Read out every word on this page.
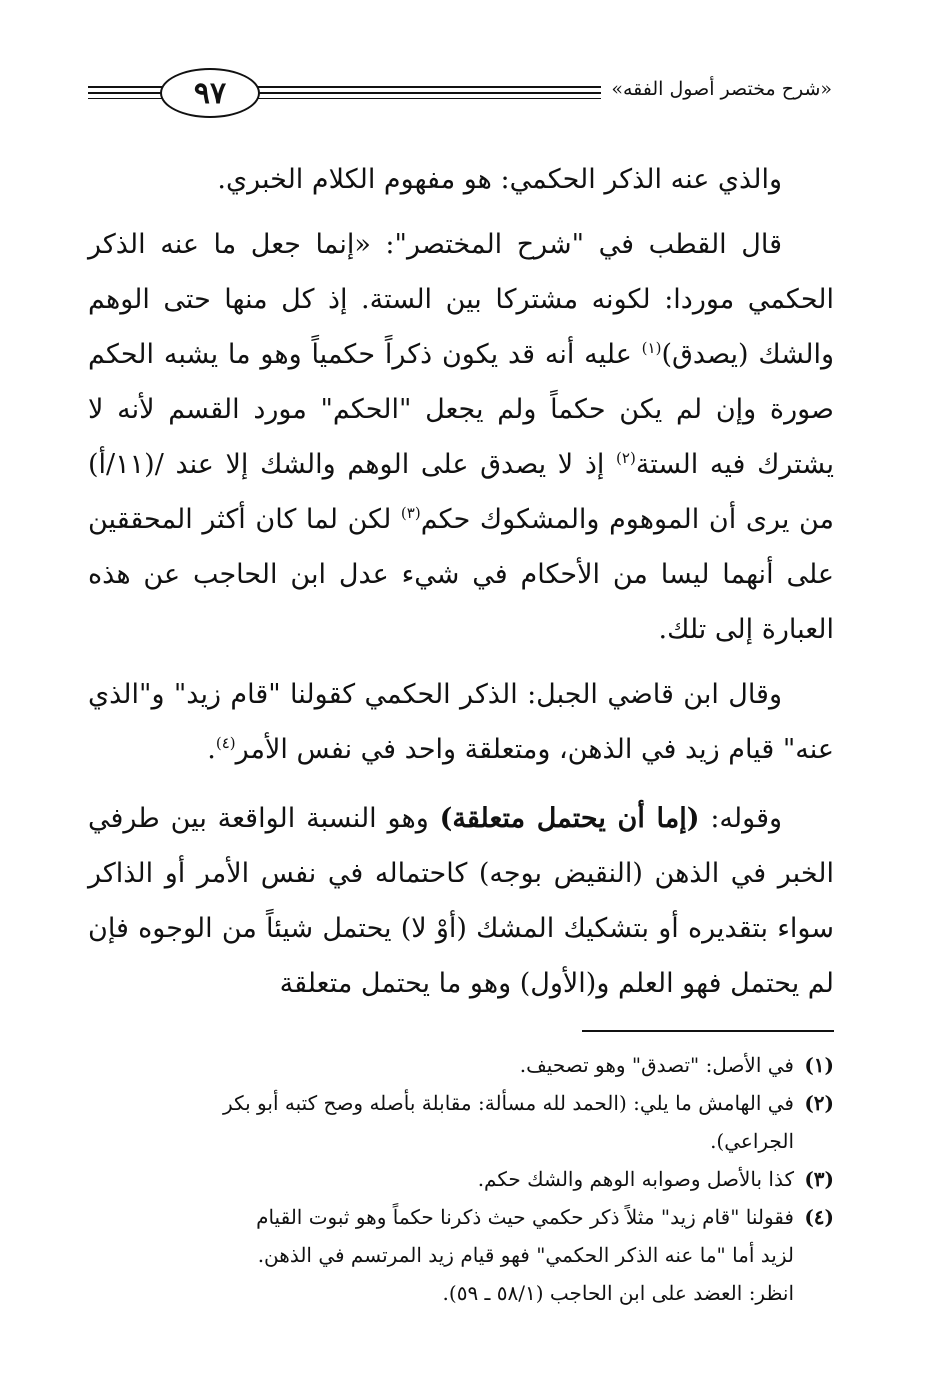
٩٧	«شرح مختصر أصول الفقه»

والذي عنه الذكر الحكمي: هو مفهوم الكلام الخبري.

قال القطب في "شرح المختصر": «إنما جعل ما عنه الذكر الحكمي موردا: لكونه مشتركا بين الستة. إذ كل منها حتى الوهم والشك (يصدق)$^{(١)}$ عليه أنه قد يكون ذكراً حكمياً وهو ما يشبه الحكم صورة وإن لم يكن حكماً ولم يجعل "الحكم" مورد القسم لأنه لا يشترك فيه الستة$^{(٢)}$ إذ لا يصدق على الوهم والشك إلا عند /(١١/أ) من يرى أن الموهوم والمشكوك حكم$^{(٣)}$ لكن لما كان أكثر المحققين على أنهما ليسا من الأحكام في شيء عدل ابن الحاجب عن هذه العبارة إلى تلك.

وقال ابن قاضي الجبل: الذكر الحكمي كقولنا "قام زيد" و"الذي عنه" قيام زيد في الذهن، ومتعلقة واحد في نفس الأمر$^{(٤)}$.

وقوله: (إما أن يحتمل متعلقة) وهو النسبة الواقعة بين طرفي الخبر في الذهن (النقيض بوجه) كاحتماله في نفس الأمر أو الذاكر سواء بتقديره أو بتشكيك المشك (أوْ لا) يحتمل شيئاً من الوجوه فإن لم يحتمل فهو العلم و(الأول) وهو ما يحتمل متعلقة

(١)
في الأصل: "تصدق" وهو تصحيف.
(٢)
في الهامش ما يلي: (الحمد لله مسألة: مقابلة بأصله وصح كتبه أبو بكر
الجراعي).
(٣)
كذا بالأصل وصوابه الوهم والشك حكم.
(٤)
فقولنا "قام زيد" مثلاً ذكر حكمي حيث ذكرنا حكماً وهو ثبوت القيام
لزيد أما "ما عنه الذكر الحكمي" فهو قيام زيد المرتسم في الذهن.
انظر: العضد على ابن الحاجب (٥٨/١ ـ ٥٩).
